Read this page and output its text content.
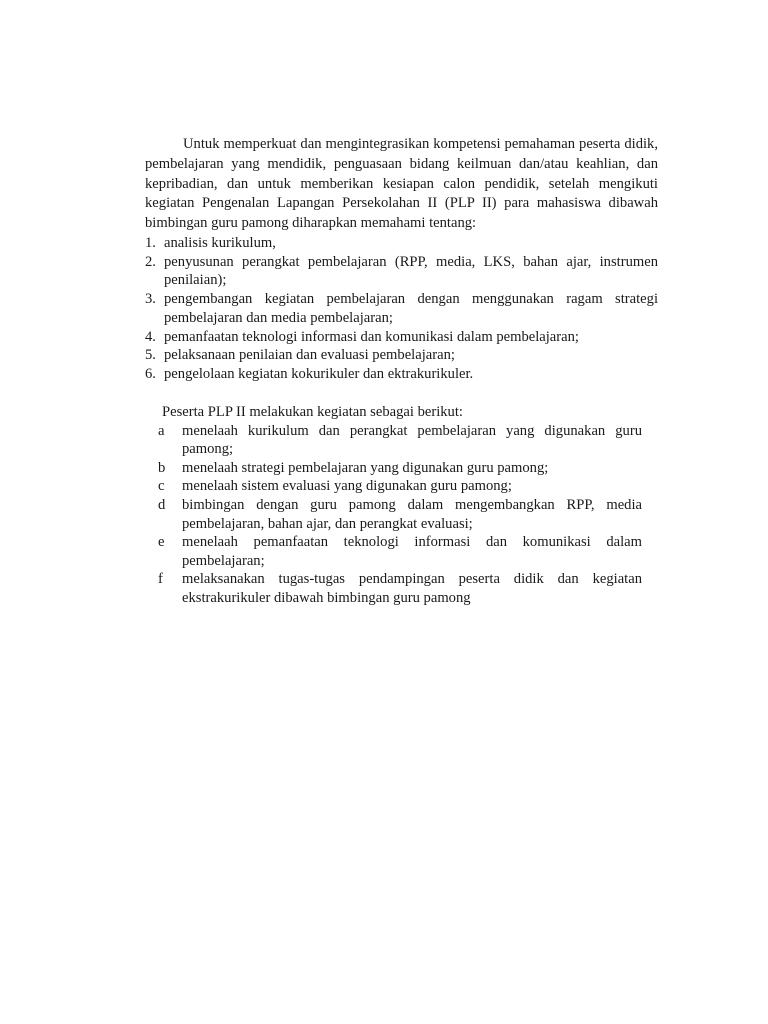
Untuk memperkuat dan mengintegrasikan kompetensi pemahaman peserta didik, pembelajaran yang mendidik, penguasaan bidang keilmuan dan/atau keahlian, dan kepribadian, dan untuk memberikan kesiapan calon pendidik, setelah mengikuti kegiatan Pengenalan Lapangan Persekolahan II (PLP II) para mahasiswa dibawah bimbingan guru pamong diharapkan memahami tentang:

1. analisis kurikulum,
2. penyusunan perangkat pembelajaran (RPP, media, LKS, bahan ajar, instrumen penilaian);
3. pengembangan kegiatan pembelajaran dengan menggunakan ragam strategi pembelajaran dan media pembelajaran;
4. pemanfaatan teknologi informasi dan komunikasi dalam pembelajaran;
5. pelaksanaan penilaian dan evaluasi pembelajaran;
6. pengelolaan kegiatan kokurikuler dan ektrakurikuler.

Peserta PLP II melakukan kegiatan sebagai berikut:

a menelaah kurikulum dan perangkat pembelajaran yang digunakan guru pamong;
b menelaah strategi pembelajaran yang digunakan guru pamong;
c menelaah sistem evaluasi yang digunakan guru pamong;
d bimbingan dengan guru pamong dalam mengembangkan RPP, media pembelajaran, bahan ajar, dan perangkat evaluasi;
e menelaah pemanfaatan teknologi informasi dan komunikasi dalam pembelajaran;
f melaksanakan tugas-tugas pendampingan peserta didik dan kegiatan ekstrakurikuler dibawah bimbingan guru pamong
